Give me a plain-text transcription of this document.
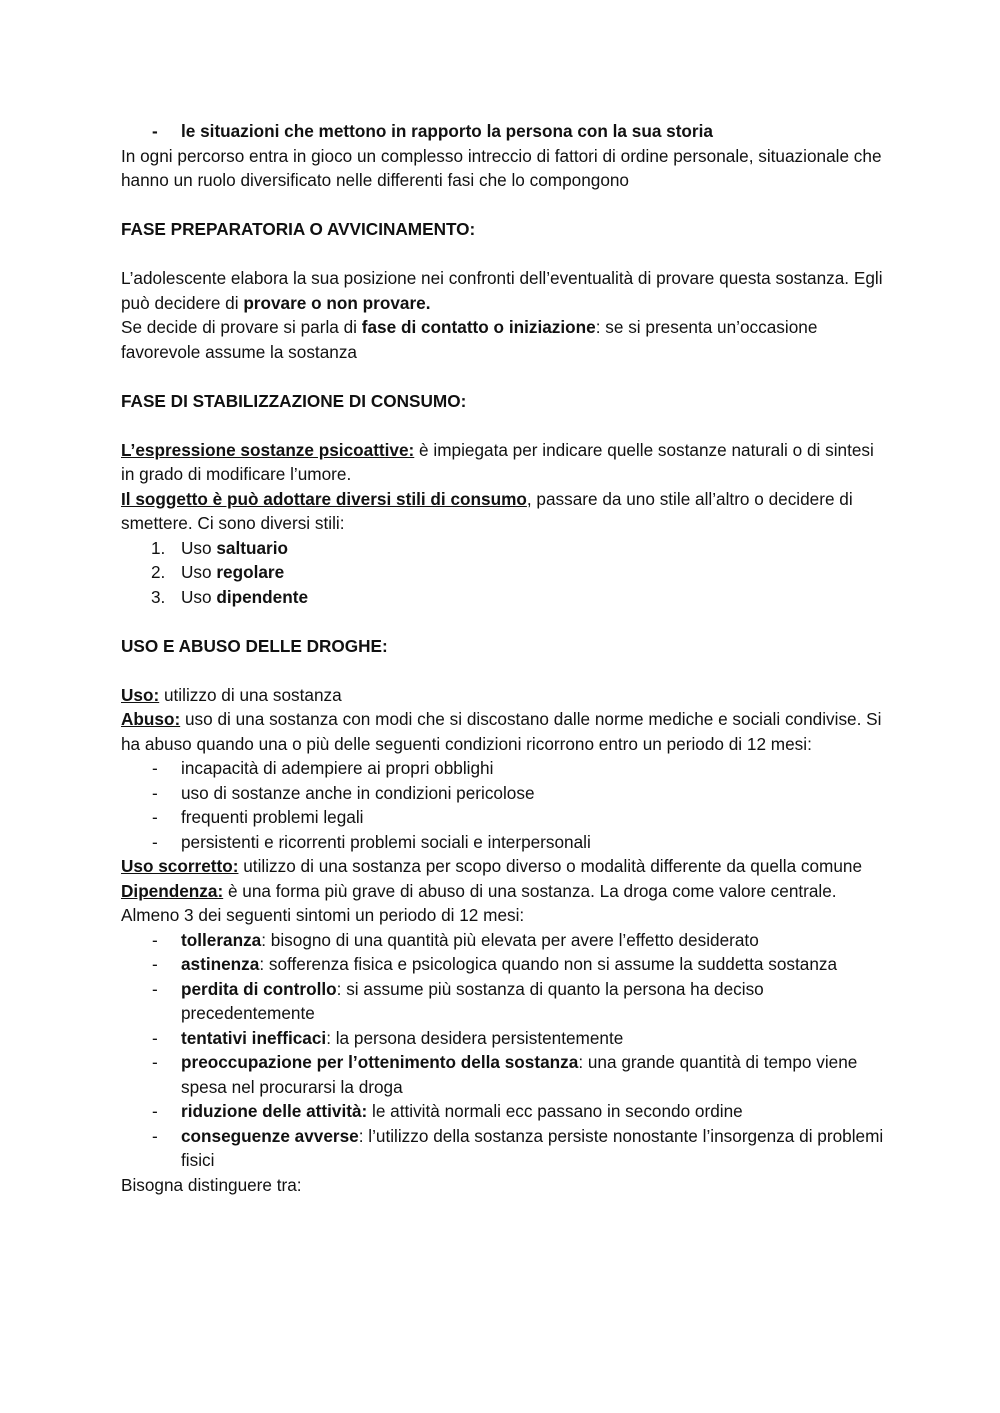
- le situazioni che mettono in rapporto la persona con la sua storia

In ogni percorso entra in gioco un complesso intreccio di fattori di ordine personale, situazionale che hanno un ruolo diversificato nelle differenti fasi che lo compongono

FASE PREPARATORIA O AVVICINAMENTO:

L’adolescente elabora la sua posizione nei confronti dell’eventualità di provare questa sostanza. Egli può decidere di provare o non provare.

Se decide di provare si parla di fase di contatto o iniziazione: se si presenta un’occasione favorevole assume la sostanza

FASE DI STABILIZZAZIONE DI CONSUMO:

L’espressione sostanze psicoattive: è impiegata per indicare quelle sostanze naturali o di sintesi in grado di modificare l’umore.

Il soggetto è può adottare diversi stili di consumo, passare da uno stile all’altro o decidere di smettere. Ci sono diversi stili:

1. Uso saltuario
2. Uso regolare
3. Uso dipendente
USO E ABUSO DELLE DROGHE:

Uso: utilizzo di una sostanza

Abuso: uso di una sostanza con modi che si discostano dalle norme mediche e sociali condivise. Si ha abuso quando una o più delle seguenti condizioni ricorrono entro un periodo di 12 mesi:

- incapacità di adempiere ai propri obblighi
- uso di sostanze anche in condizioni pericolose
- frequenti problemi legali
- persistenti e ricorrenti problemi sociali e interpersonali

Uso scorretto: utilizzo di una sostanza per scopo diverso o modalità differente da quella comune

Dipendenza: è una forma più grave di abuso di una sostanza. La droga come valore centrale.

Almeno 3 dei seguenti sintomi un periodo di 12 mesi:

- tolleranza: bisogno di una quantità più elevata per avere l’effetto desiderato
- astinenza: sofferenza fisica e psicologica quando non si assume la suddetta sostanza
- perdita di controllo: si assume più sostanza di quanto la persona ha deciso precedentemente
- tentativi inefficaci: la persona desidera persistentemente
- preoccupazione per l’ottenimento della sostanza: una grande quantità di tempo viene spesa nel procurarsi la droga
- riduzione delle attività: le attività normali ecc passano in secondo ordine
- conseguenze avverse: l’utilizzo della sostanza persiste nonostante l’insorgenza di problemi fisici

Bisogna distinguere tra:
